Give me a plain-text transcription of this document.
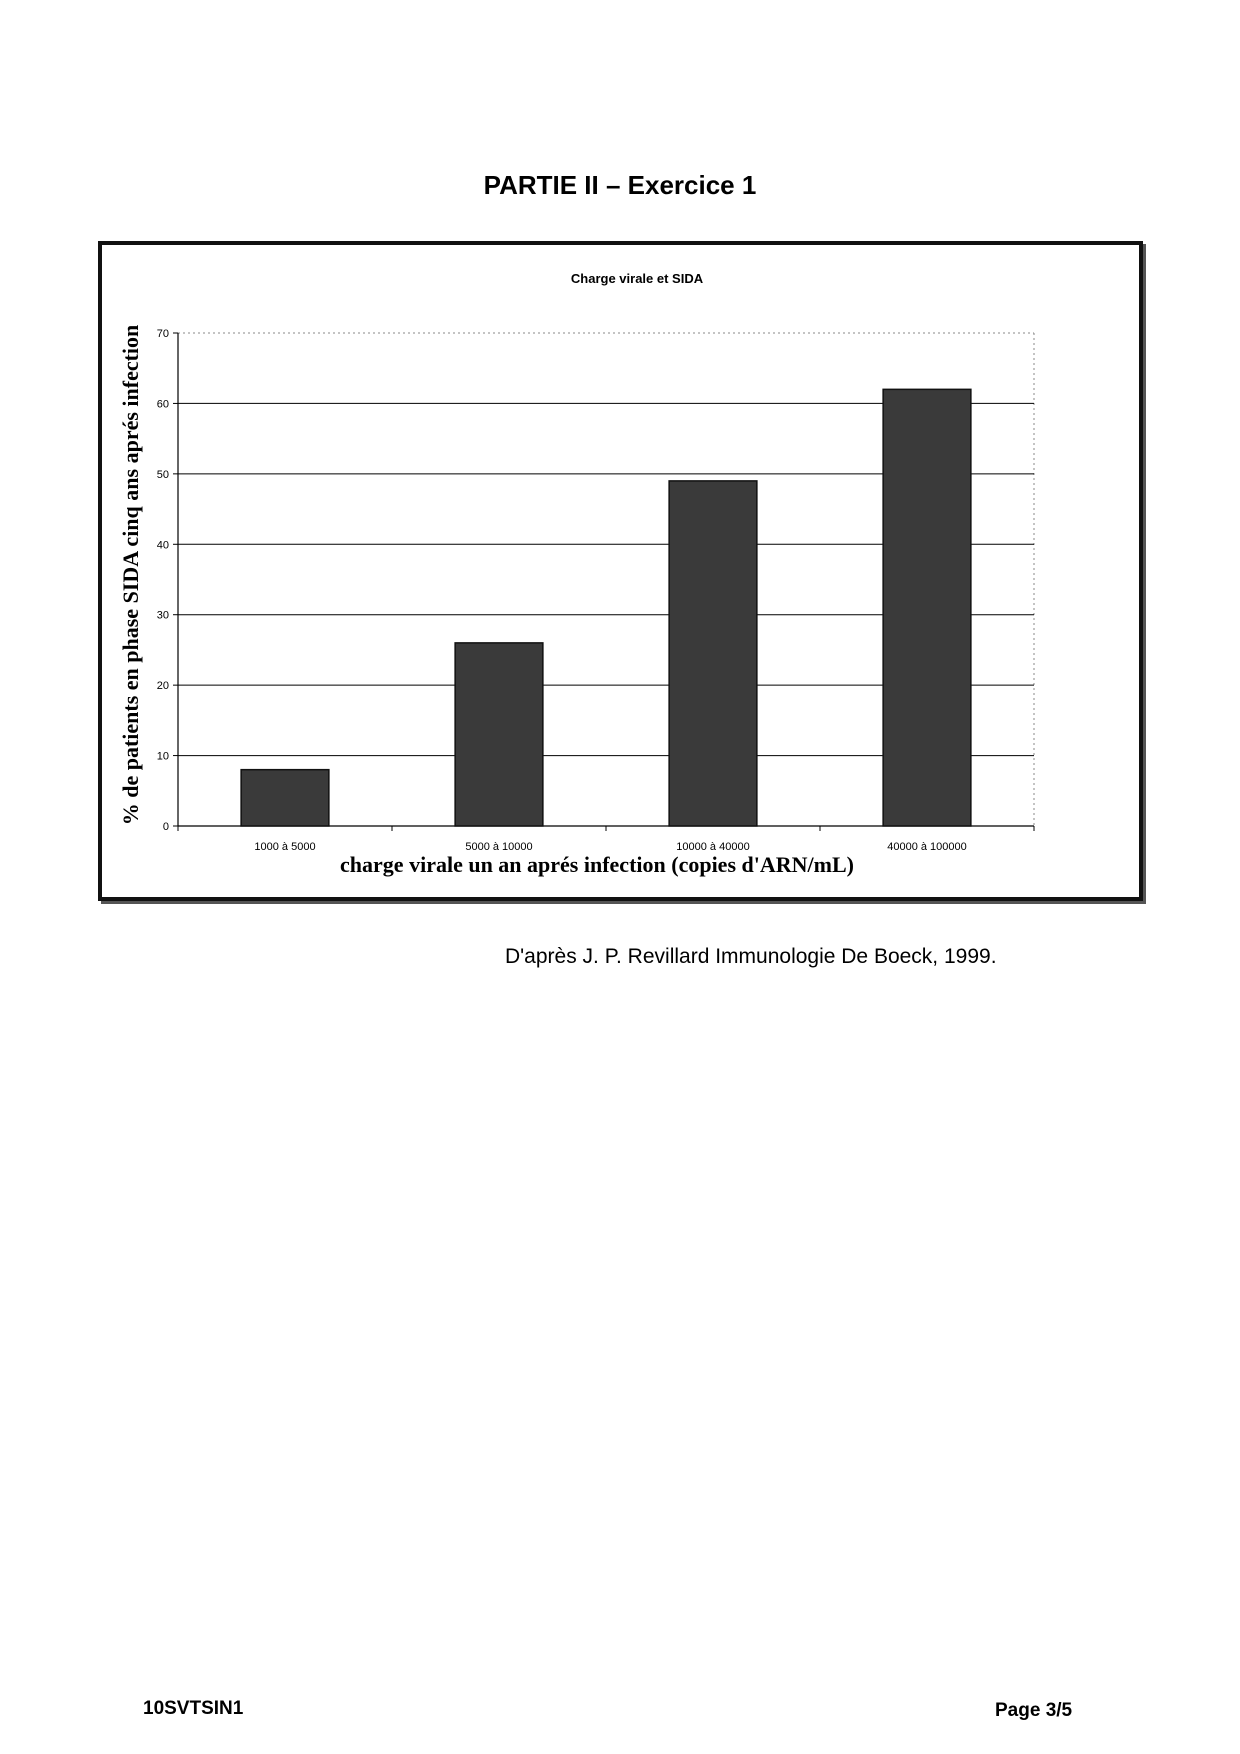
PARTIE II – Exercice 1
Charge virale et SIDA
% de patients en phase SIDA cinq ans aprés infection
charge virale un an aprés infection (copies d'ARN/mL)
0
10
20
30
40
50
60
70
1000 à 5000	5000 à 10000	10000 à 40000	40000 à 100000
D'après J. P. Revillard Immunologie De Boeck, 1999.
10SVTSIN1	Page 3/5
